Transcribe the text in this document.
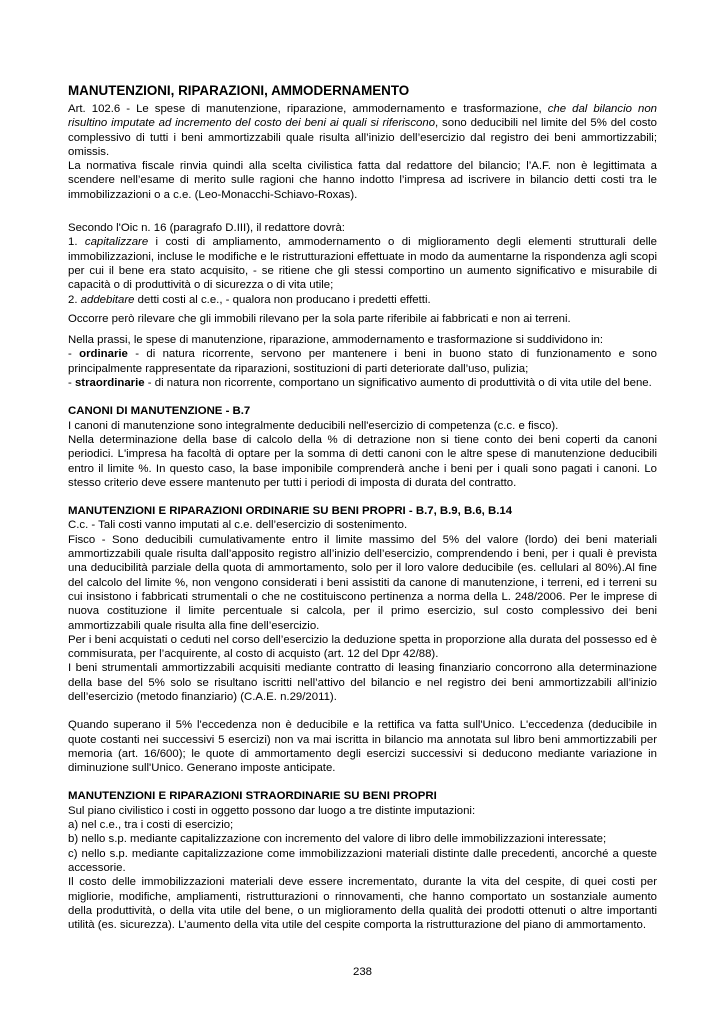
MANUTENZIONI, RIPARAZIONI, AMMODERNAMENTO

Art. 102.6 - Le spese di manutenzione, riparazione, ammodernamento e trasformazione, che dal bilancio non risultino imputate ad incremento del costo dei beni ai quali si riferiscono, sono deducibili nel limite del 5% del costo complessivo di tutti i beni ammortizzabili quale risulta all’inizio dell’esercizio dal registro dei beni ammortizzabili; omissis.

La normativa fiscale rinvia quindi alla scelta civilistica fatta dal redattore del bilancio; l’A.F. non è legittimata a scendere nell’esame di merito sulle ragioni che hanno indotto l’impresa ad iscrivere in bilancio detti costi tra le immobilizzazioni o a c.e. (Leo-Monacchi-Schiavo-Roxas).

Secondo l'Oic n. 16 (paragrafo D.III), il redattore dovrà:

1. capitalizzare i costi di ampliamento, ammodernamento o di miglioramento degli elementi strutturali delle immobilizzazioni, incluse le modifiche e le ristrutturazioni effettuate in modo da aumentarne la rispondenza agli scopi per cui il bene era stato acquisito, - se ritiene che gli stessi comportino un aumento significativo e misurabile di capacità o di produttività o di sicurezza o di vita utile;

2. addebitare detti costi al c.e., - qualora non producano i predetti effetti.

Occorre però rilevare che gli immobili rilevano per la sola parte riferibile ai fabbricati e non ai terreni.

Nella prassi, le spese di manutenzione, riparazione, ammodernamento e trasformazione si suddividono in:

- ordinarie - di natura ricorrente, servono per mantenere i beni in buono stato di funzionamento e sono principalmente rappresentate da riparazioni, sostituzioni di parti deteriorate dall’uso, pulizia;

- straordinarie - di natura non ricorrente, comportano un significativo aumento di produttività o di vita utile del bene.

CANONI DI MANUTENZIONE - B.7

I canoni di manutenzione sono integralmente deducibili nell'esercizio di competenza (c.c. e fisco).

Nella determinazione della base di calcolo della % di detrazione non si tiene conto dei beni coperti da canoni periodici. L'impresa ha facoltà di optare per la somma di detti canoni con le altre spese di manutenzione deducibili entro il limite %. In questo caso, la base imponibile comprenderà anche i beni per i quali sono pagati i canoni. Lo stesso criterio deve essere mantenuto per tutti i periodi di imposta di durata del contratto.

MANUTENZIONI E RIPARAZIONI ORDINARIE SU BENI PROPRI - B.7, B.9, B.6, B.14

C.c. - Tali costi vanno imputati al c.e. dell’esercizio di sostenimento.

Fisco - Sono deducibili cumulativamente entro il limite massimo del 5% del valore (lordo) dei beni materiali ammortizzabili quale risulta dall’apposito registro all’inizio dell’esercizio, comprendendo i beni, per i quali è prevista una deducibilità parziale della quota di ammortamento, solo per il loro valore deducibile (es. cellulari al 80%).Al fine del calcolo del limite %, non vengono considerati i beni assistiti da canone di manutenzione, i terreni, ed i terreni su cui insistono i fabbricati strumentali o che ne costituiscono pertinenza a norma della L. 248/2006. Per le imprese di nuova costituzione il limite percentuale si calcola, per il primo esercizio, sul costo complessivo dei beni ammortizzabili quale risulta alla fine dell’esercizio.

Per i beni acquistati o ceduti nel corso dell’esercizio la deduzione spetta in proporzione alla durata del possesso ed è commisurata, per l’acquirente, al costo di acquisto (art. 12 del Dpr 42/88).

I beni strumentali ammortizzabili acquisiti mediante contratto di leasing finanziario concorrono alla determinazione della base del 5% solo se risultano iscritti nell’attivo del bilancio e nel registro dei beni ammortizzabili all’inizio dell’esercizio (metodo finanziario) (C.A.E. n.29/2011).

Quando superano il 5% l'eccedenza non è deducibile e la rettifica va fatta sull'Unico. L'eccedenza (deducibile in quote costanti nei successivi 5 esercizi) non va mai iscritta in bilancio ma annotata sul libro beni ammortizzabili per memoria (art. 16/600); le quote di ammortamento degli esercizi successivi si deducono mediante variazione in diminuzione sull'Unico. Generano imposte anticipate.

MANUTENZIONI E RIPARAZIONI STRAORDINARIE SU BENI PROPRI

Sul piano civilistico i costi in oggetto possono dar luogo a tre distinte imputazioni:

a) nel c.e., tra i costi di esercizio;

b) nello s.p. mediante capitalizzazione con incremento del valore di libro delle immobilizzazioni interessate;

c) nello s.p. mediante capitalizzazione come immobilizzazioni materiali distinte dalle precedenti, ancorché a queste accessorie.

Il costo delle immobilizzazioni materiali deve essere incrementato, durante la vita del cespite, di quei costi per migliorie, modifiche, ampliamenti, ristrutturazioni o rinnovamenti, che hanno comportato un sostanziale aumento della produttività, o della vita utile del bene, o un miglioramento della qualità dei prodotti ottenuti o altre importanti utilità (es. sicurezza). L’aumento della vita utile del cespite comporta la ristrutturazione del piano di ammortamento.

238
